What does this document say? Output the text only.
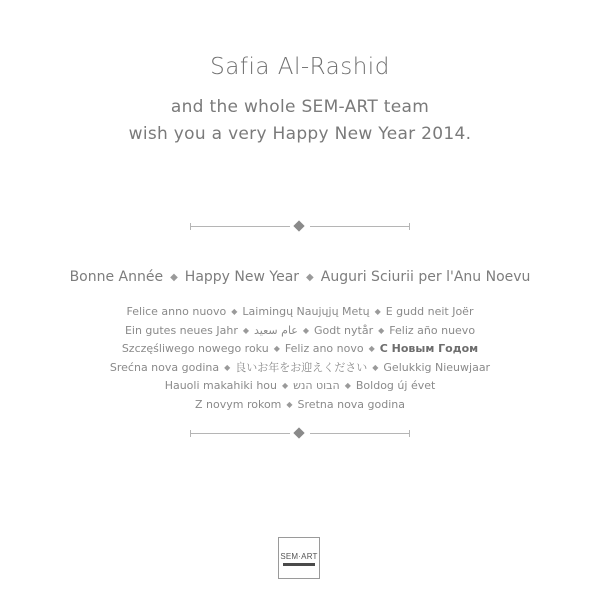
Safia Al-Rashid
and the whole SEM-ART team
wish you a very Happy New Year 2014.
Bonne Année ◆ Happy New Year ◆ Auguri Sciurii per l'Anu Noevu
Felice anno nuovo ◆ Laimingų Naujųjų Metų ◆ E gudd neit Joër
Ein gutes neues Jahr ◆ عام سعيد ◆ Godt nytår ◆ Feliz año nuevo
Szczęśliwego nowego roku ◆ Feliz ano novo ◆ С Новым Годом
Srećna nova godina ◆ 良いお年をお迎えください ◆ Gelukkig Nieuwjaar
Hauoli makahiki hou ◆ הבוט הנש ◆ Boldog új évet
Z novym rokom ◆ Sretna nova godina
SEM·ART
